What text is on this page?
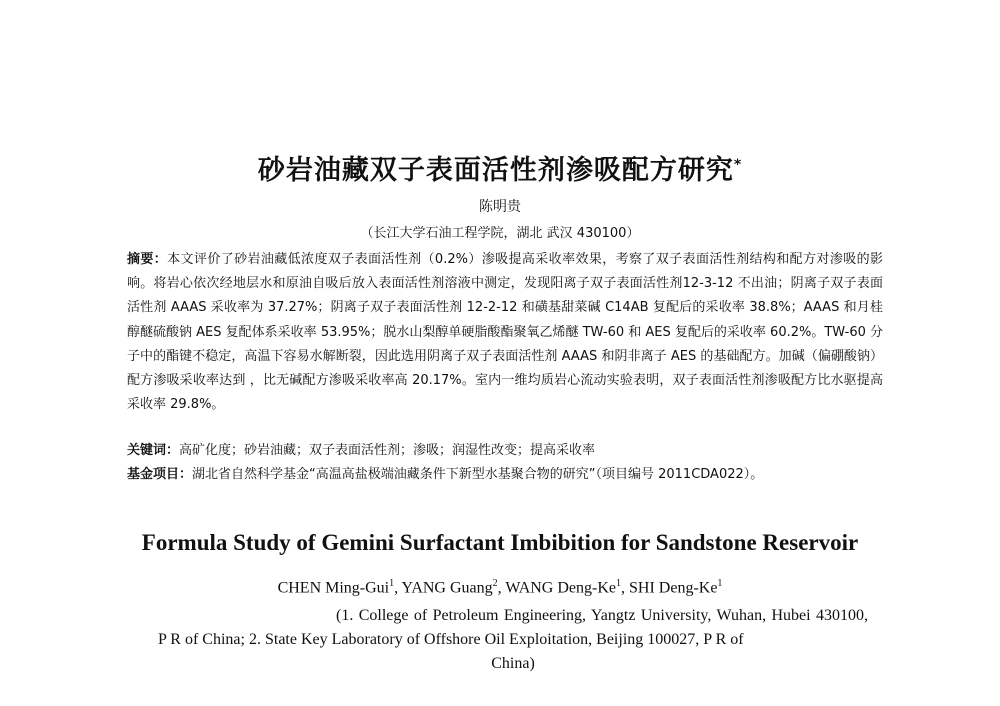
砂岩油藏双子表面活性剂渗吸配方研究*
陈明贵
（长江大学石油工程学院，湖北 武汉 430100）
摘要：本文评价了砂岩油藏低浓度双子表面活性剂（0.2%）渗吸提高采收率效果，考察了双子表面活性剂结构和配方对渗吸的影响。将岩心依次经地层水和原油自吸后放入表面活性剂溶液中测定，发现阳离子双子表面活性剂12-3-12 不出油；阴离子双子表面活性剂 AAAS 采收率为 37.27%；阴离子双子表面活性剂 12-2-12 和磺基甜菜碱 C14AB 复配后的采收率 38.8%；AAAS 和月桂醇醚硫酸钠 AES 复配体系采收率 53.95%；脱水山梨醇单硬脂酸酯聚氧乙烯醚 TW-60 和 AES 复配后的采收率 60.2%。TW-60 分子中的酯键不稳定，高温下容易水解断裂，因此选用阴离子双子表面活性剂 AAAS 和阴非离子 AES 的基础配方。加碱（偏硼酸钠）配方渗吸采收率达到 ，比无碱配方渗吸采收率高 20.17%。室内一维均质岩心流动实验表明，双子表面活性剂渗吸配方比水驱提高采收率 29.8%。
关键词：高矿化度；砂岩油藏；双子表面活性剂；渗吸；润湿性改变；提高采收率
基金项目：湖北省自然科学基金“高温高盐极端油藏条件下新型水基聚合物的研究”（项目编号 2011CDA022）。
Formula Study of Gemini Surfactant Imbibition for Sandstone Reservoir
CHEN Ming-Gui$^1$, YANG Guang$^2$, WANG Deng-Ke$^1$, SHI Deng-Ke$^1$
(1. College of Petroleum Engineering, Yangtz University, Wuhan, Hubei 430100, P R of China; 2. State Key Laboratory of Offshore Oil Exploitation, Beijing 100027, P R of
China)
